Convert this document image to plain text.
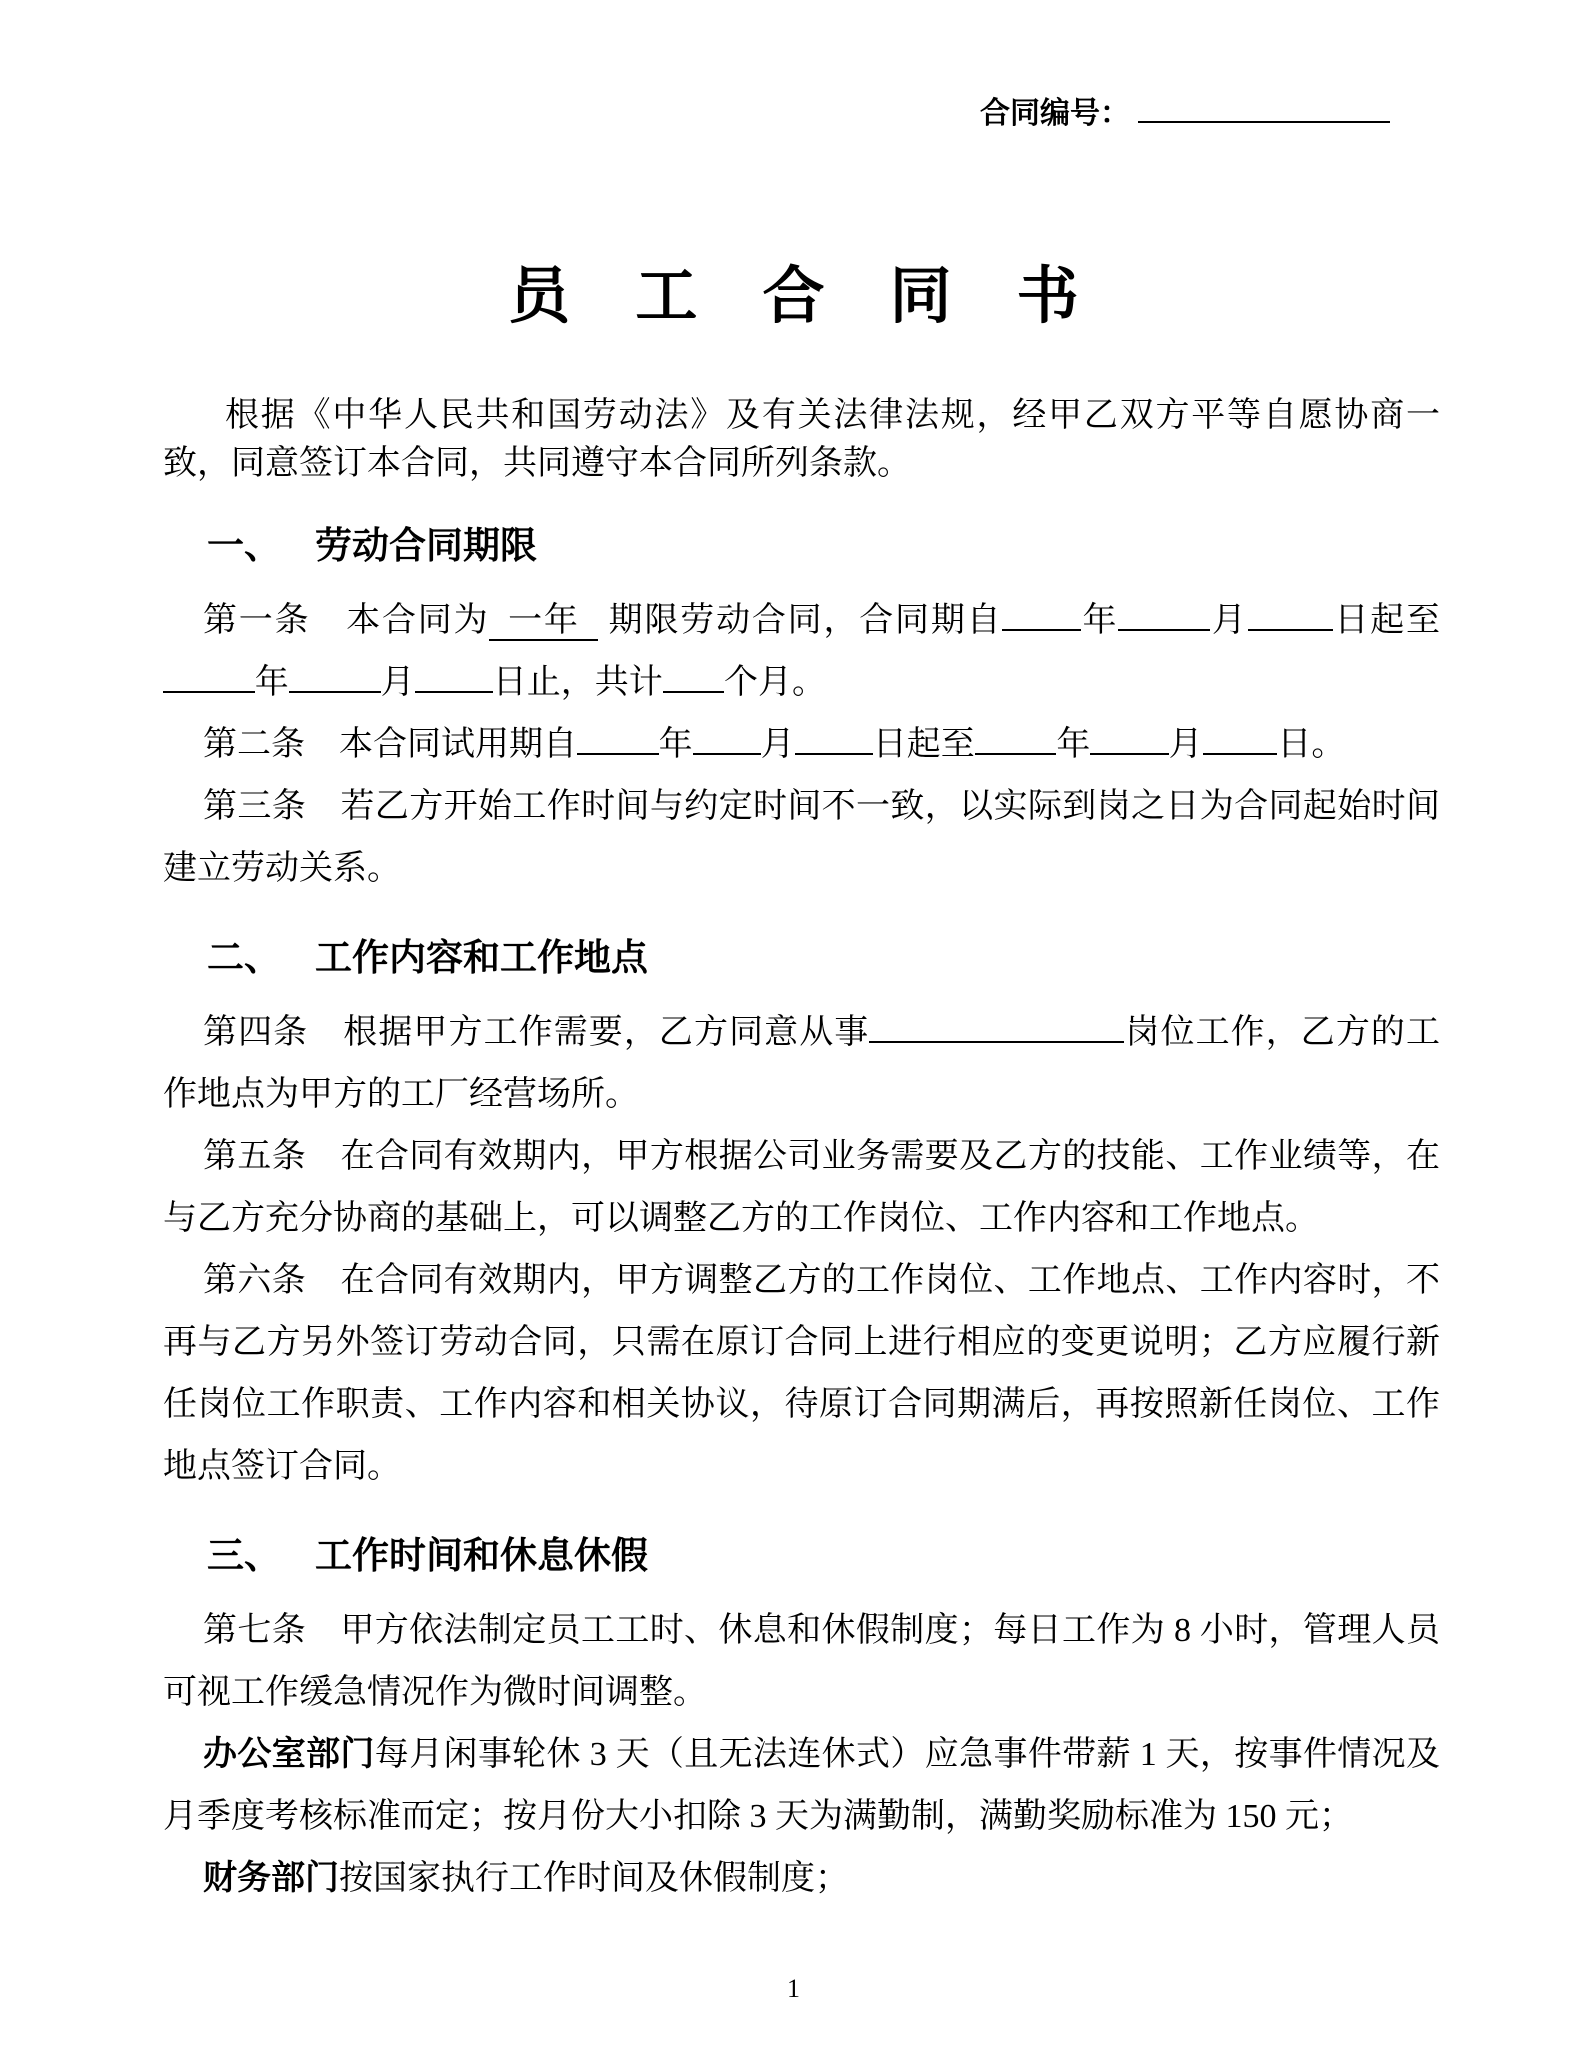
合同编号：
员工合同书

根据《中华人民共和国劳动法》及有关法律法规，经甲乙双方平等自愿协商一致，同意签订本合同，共同遵守本合同所列条款。

一、 劳动合同期限

第一条　本合同为 一年 期限劳动合同，合同期自 年	月	日起至年	月 日止，共计 个月。

第二条　本合同试用期自 年 月 日起至 年 月 日。

第三条　若乙方开始工作时间与约定时间不一致，以实际到岗之日为合同起始时间建立劳动关系。

二、 工作内容和工作地点

第四条　根据甲方工作需要，乙方同意从事	岗位工作，乙方的工作地点为甲方的工厂经营场所。

第五条　在合同有效期内，甲方根据公司业务需要及乙方的技能、工作业绩等，在与乙方充分协商的基础上，可以调整乙方的工作岗位、工作内容和工作地点。

第六条　在合同有效期内，甲方调整乙方的工作岗位、工作地点、工作内容时，不再与乙方另外签订劳动合同，只需在原订合同上进行相应的变更说明；乙方应履行新任岗位工作职责、工作内容和相关协议，待原订合同期满后，再按照新任岗位、工作地点签订合同。

三、 工作时间和休息休假

第七条　甲方依法制定员工工时、休息和休假制度；每日工作为 8 小时，管理人员可视工作缓急情况作为微时间调整。

办公室部门每月闲事轮休 3 天（且无法连休式）应急事件带薪 1 天，按事件情况及月季度考核标准而定；按月份大小扣除 3 天为满勤制，满勤奖励标准为 150 元；

财务部门按国家执行工作时间及休假制度；

1
